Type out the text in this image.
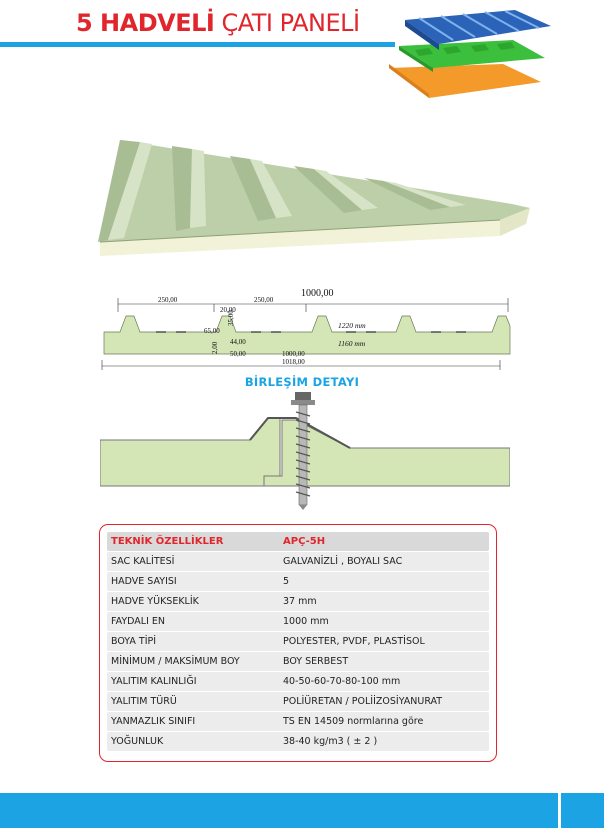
5 HADVELİ ÇATI PANELİ
1000,00
250,00	250,00
20,00
35,00
65,00
44,00
2,00 50,00
1220 mm
1160 mm
1000,00
1018,00
BİRLEŞİM DETAYI
TEKNİK ÖZELLİKLER	APÇ-5H
SAC KALİTESİ	GALVANİZLİ , BOYALI SAC
HADVE SAYISI	5
HADVE YÜKSEKLİK	37 mm
FAYDALI EN	1000 mm
BOYA TİPİ	POLYESTER, PVDF, PLASTİSOL
MİNİMUM / MAKSİMUM BOY	BOY SERBEST
YALITIM KALINLIĞI	40-50-60-70-80-100 mm
YALITIM TÜRÜ	POLİÜRETAN / POLİİZOSİYANURAT
YANMAZLIK SINIFI	TS EN 14509 normlarına göre
YOĞUNLUK	38-40 kg/m3 ( ± 2 )
